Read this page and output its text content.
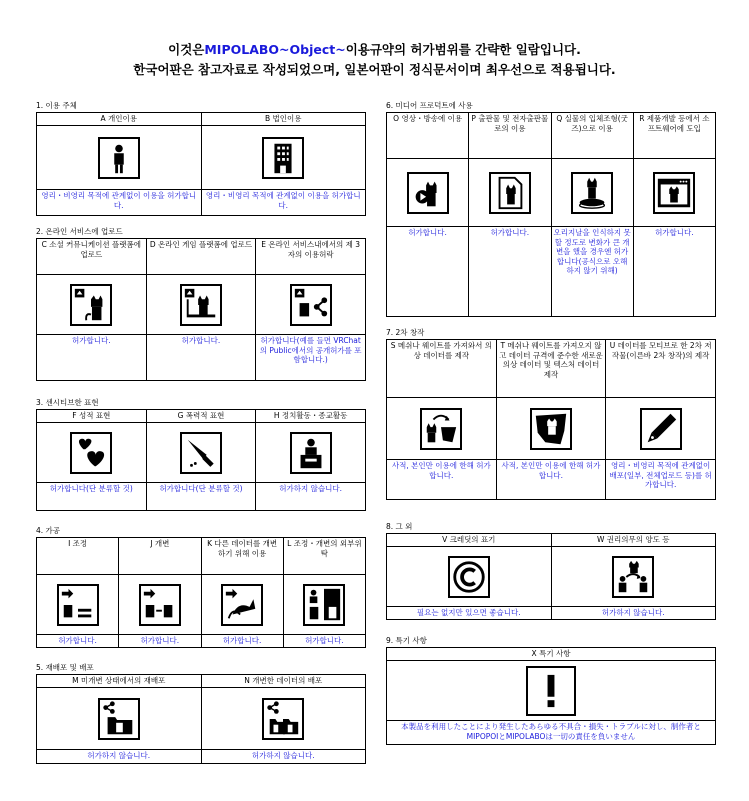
이것은MIPOLABO~Object~이용규약의 허가범위를 간략한 일람입니다.
한국어판은 참고자료로 작성되었으며, 일본어판이 정식문서이며 최우선으로 적용됩니다.
1. 이용 주체
A 개인이용	B 법인이용

영리・비영리 목적에 관계없이 이용을 허가합니다.	영리・비영리 목적에 관계없이 이용을 허가합니다.
2. 온라인 서비스에 업로드
C 소셜 커뮤니케이션 플랫폼에 업로드	D 온라인 게임 플랫폼에 업로드	E 온라인 서비스내에서의 제 3자의 이용허락

허가합니다.	허가합니다.	허가합니다(예를 들면 VRChat의 Public에서의 공개허가를 포함합니다.)
3. 센시티브한 표현
F 성적 표현	G 폭력적 표현	H 정치활동・종교활동

허가합니다(단 분류할 것)	허가합니다(단 분류할 것)	허가하지 않습니다.
4. 가공
I 조정	J 개변	K 다른 데이터를 개변하기 위해 이용	L 조정・개변의 외부위탁

허가합니다.	허가합니다.	허가합니다.	허가합니다.
5. 재배포 및 배포
M 미개변 상태에서의 재배포	N 개변한 데이터의 배포

허가하지 않습니다.	허가하지 않습니다.
6. 미디어 프로덕트에 사용
O 영상・방송에 이용	P 출판물 및 전자출판물로의 이용	Q 실물의 입체조형(굿즈)으로 이용	R 제품개발 등에서 소프트웨어에 도입

허가합니다.	허가합니다.	오리지날을 인식하지 못할 정도로 변화가 큰 개변을 했을 경우엔 허가합니다(공식으로 오해하지 않기 위해)	허가합니다.
7. 2차 창작
S 메쉬나 웨이트를 가져와서 의상 데이터를 제작	T 메쉬나 웨이트를 가져오지 않고 데이터 규격에 준수한 새로운 의상 데이터 및 텍스처 데이터 제작	U 데이터를 모티브로 한 2차 저작물(이른바 2차 창작)의 제작

사적, 본인만 이용에 한해 허가합니다.	사적, 본인만 이용에 한해 허가합니다.	영리・비영리 목적에 관계없이 배포(일부, 전체업로드 등)를 허가합니다.
8. 그 외
V 크레딧의 표기	W 권리의무의 양도 등

필요는 없지만 있으면 좋습니다.	허가하지 않습니다.
9. 특기 사항
X 특기 사항

本製品を利用したことにより発生したあらゆる不具合・損失・トラブルに対し、制作者とMIPOPOIとMIPOLABOは一切の責任を負いません
